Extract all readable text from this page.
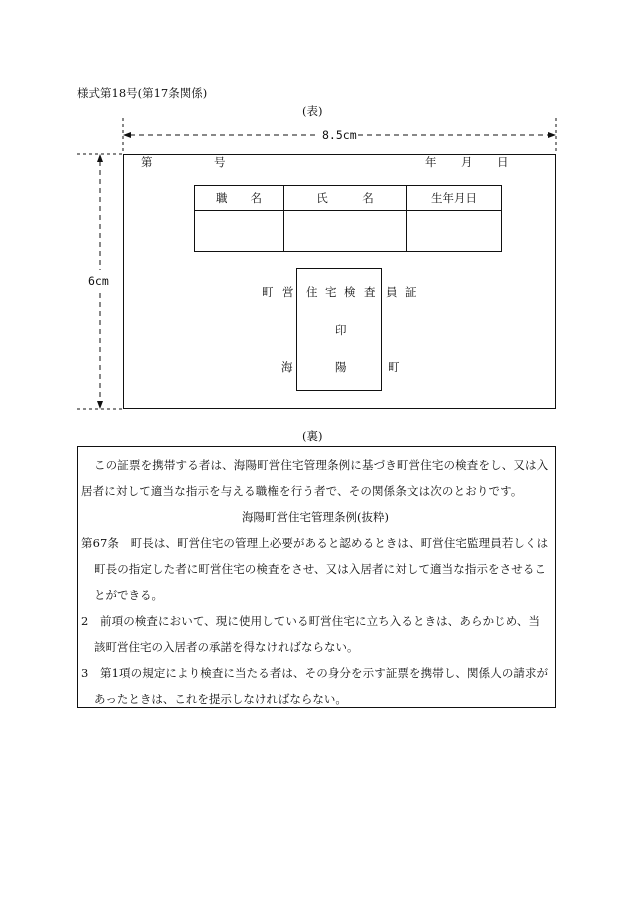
様式第18号(第17条関係)
(表)
8.5cm
6cm
第	号	年 月 日
職　　名	氏　　　名	生年月日

町 営 住 宅 検 査 員 証
印
海	陽	町
(裏)
この証票を携帯する者は、海陽町営住宅管理条例に基づき町営住宅の検査をし、又は入
居者に対して適当な指示を与える職権を行う者で、その関係条文は次のとおりです。
海陽町営住宅管理条例(抜粋)
第67条　町長は、町営住宅の管理上必要があると認めるときは、町営住宅監理員若しくは
町長の指定した者に町営住宅の検査をさせ、又は入居者に対して適当な指示をさせるこ
とができる。
2　前項の検査において、現に使用している町営住宅に立ち入るときは、あらかじめ、当
該町営住宅の入居者の承諾を得なければならない。
3　第1項の規定により検査に当たる者は、その身分を示す証票を携帯し、関係人の請求が
あったときは、これを提示しなければならない。
